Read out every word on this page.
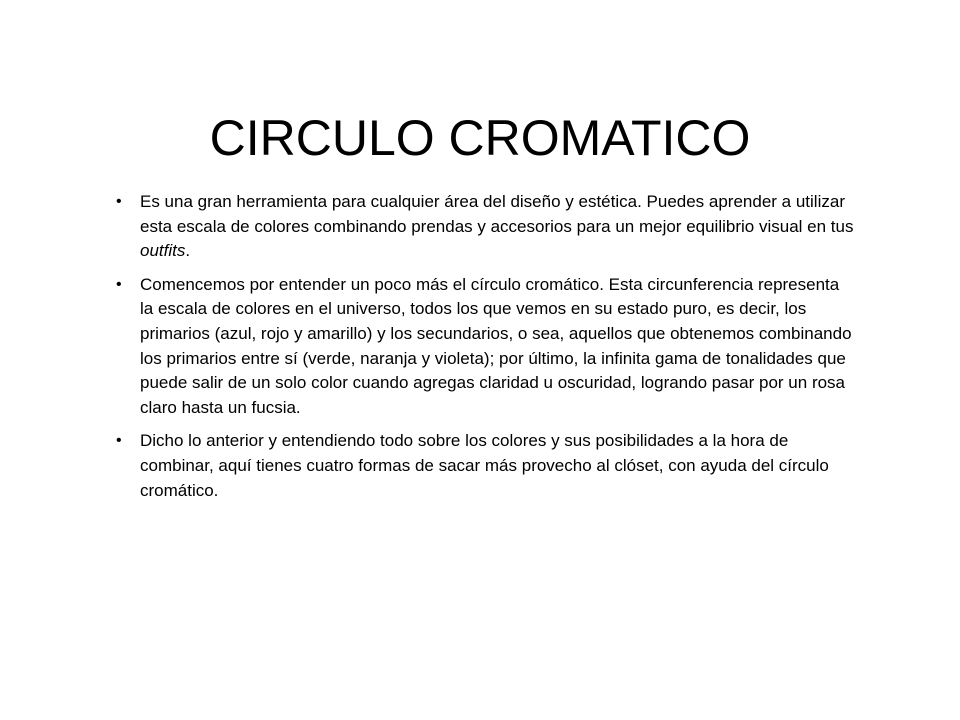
CIRCULO CROMATICO
• Es una gran herramienta para cualquier área del diseño y estética. Puedes aprender a utilizar esta escala de colores combinando prendas y accesorios para un mejor equilibrio visual en tus outfits.
• Comencemos por entender un poco más el círculo cromático. Esta circunferencia representa la escala de colores en el universo, todos los que vemos en su estado puro, es decir, los primarios (azul, rojo y amarillo) y los secundarios, o sea, aquellos que obtenemos combinando los primarios entre sí (verde, naranja y violeta); por último, la infinita gama de tonalidades que puede salir de un solo color cuando agregas claridad u oscuridad, logrando pasar por un rosa claro hasta un fucsia.
• Dicho lo anterior y entendiendo todo sobre los colores y sus posibilidades a la hora de combinar, aquí tienes cuatro formas de sacar más provecho al clóset, con ayuda del círculo cromático.
